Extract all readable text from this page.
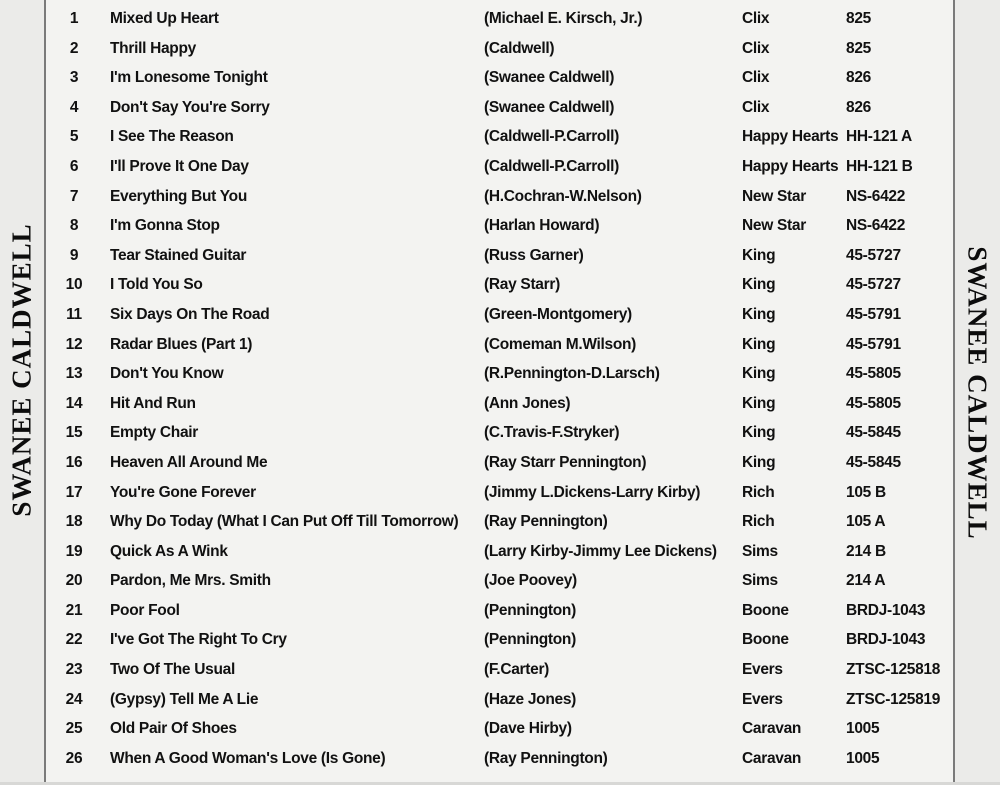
SWANEE CALDWELL
1	Mixed Up Heart	(Michael E. Kirsch, Jr.)	Clix	825
2	Thrill Happy	(Caldwell)	Clix	825
3	I'm Lonesome Tonight	(Swanee Caldwell)	Clix	826
4	Don't Say You're Sorry	(Swanee Caldwell)	Clix	826
5	I See The Reason	(Caldwell-P.Carroll)	Happy Hearts HH-121 A
6	I'll Prove It One Day	(Caldwell-P.Carroll)	Happy Hearts HH-121 B
7	Everything But You	(H.Cochran-W.Nelson)	New Star	NS-6422
8	I'm Gonna Stop	(Harlan Howard)	New Star	NS-6422
9	Tear Stained Guitar	(Russ Garner)	King	45-5727
10	I Told You So	(Ray Starr)	King	45-5727
11	Six Days On The Road	(Green-Montgomery)	King	45-5791
12	Radar Blues (Part 1)	(Comeman M.Wilson)	King	45-5791
13	Don't You Know	(R.Pennington-D.Larsch)	King	45-5805
14	Hit And Run	(Ann Jones)	King	45-5805
15	Empty Chair	(C.Travis-F.Stryker)	King	45-5845
16	Heaven All Around Me	(Ray Starr Pennington)	King	45-5845
17	You're Gone Forever	(Jimmy L.Dickens-Larry Kirby)	Rich	105 B
18	Why Do Today (What I Can Put Off Till Tomorrow) (Ray Pennington)	Rich	105 A
19	Quick As A Wink	(Larry Kirby-Jimmy Lee Dickens) Sims	214 B
20	Pardon, Me Mrs. Smith	(Joe Poovey)	Sims	214 A
21	Poor Fool	(Pennington)	Boone	BRDJ-1043
22	I've Got The Right To Cry	(Pennington)	Boone	BRDJ-1043
23	Two Of The Usual	(F.Carter)	Evers	ZTSC-125818
24	(Gypsy) Tell Me A Lie	(Haze Jones)	Evers	ZTSC-125819
25	Old Pair Of Shoes	(Dave Hirby)	Caravan	1005
26	When A Good Woman's Love (Is Gone)	(Ray Pennington)	Caravan	1005
SWANEE CALDWELL
